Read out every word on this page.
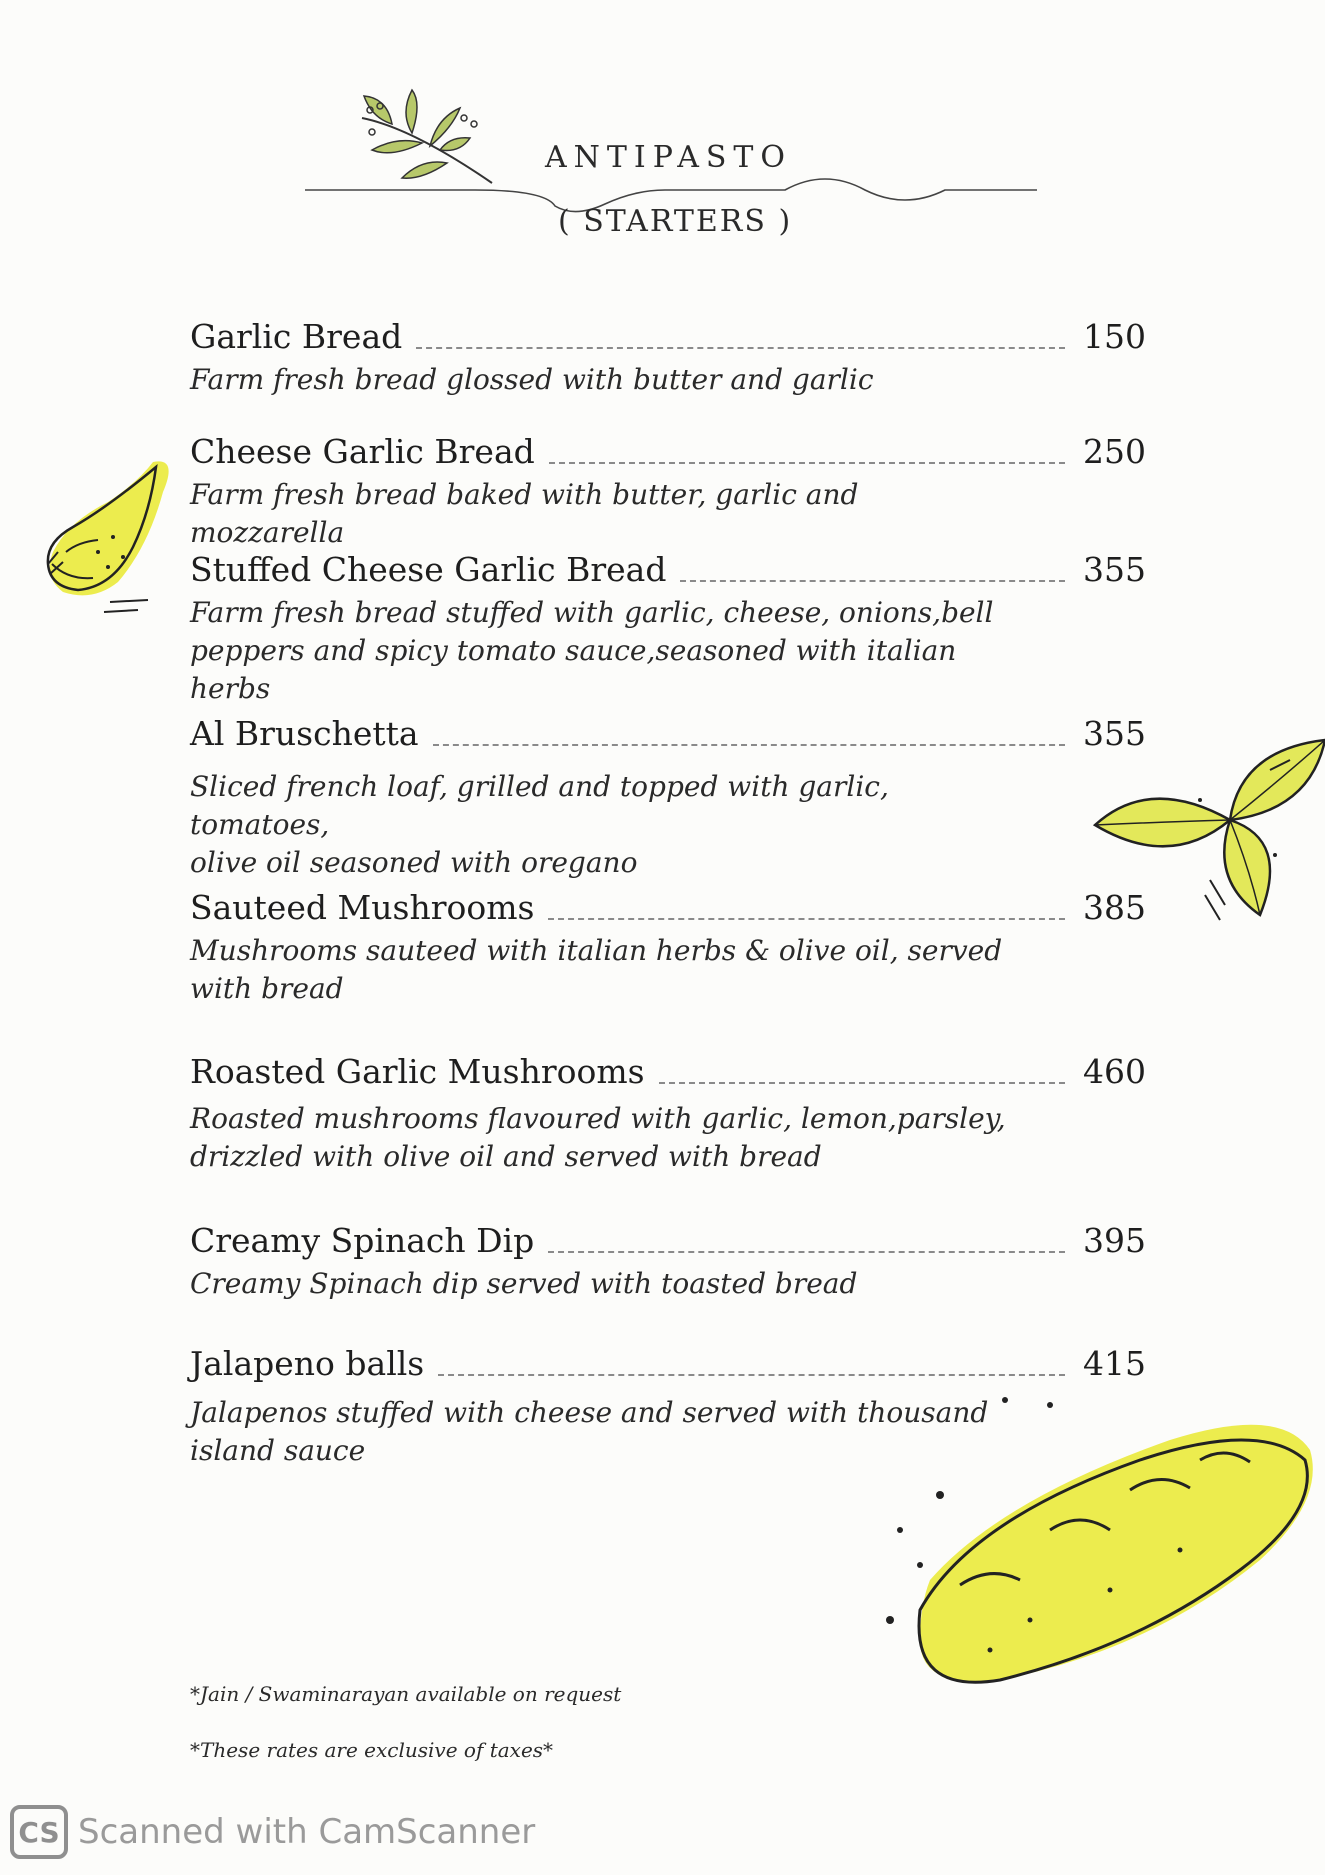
ANTIPASTO
( STARTERS )
Garlic Bread	150
Farm fresh bread glossed with butter and garlic
Cheese Garlic Bread	250
Farm fresh bread baked with butter, garlic and mozzarella
Stuffed Cheese Garlic Bread	355
Farm fresh bread stuffed with garlic, cheese, onions,bell
peppers and spicy tomato sauce,seasoned with italian herbs
Al Bruschetta	355
Sliced french loaf, grilled and topped with garlic, tomatoes,
olive oil seasoned with oregano
Sauteed Mushrooms	385
Mushrooms sauteed with italian herbs & olive oil, served
with bread
Roasted Garlic Mushrooms	460
Roasted mushrooms flavoured with garlic, lemon,parsley,
drizzled with olive oil and served with bread
Creamy Spinach Dip	395
Creamy Spinach dip served with toasted bread
Jalapeno balls	415
Jalapenos stuffed with cheese and served with thousand
island sauce
*Jain / Swaminarayan available on request
*These rates are exclusive of taxes*
CS Scanned with CamScanner
